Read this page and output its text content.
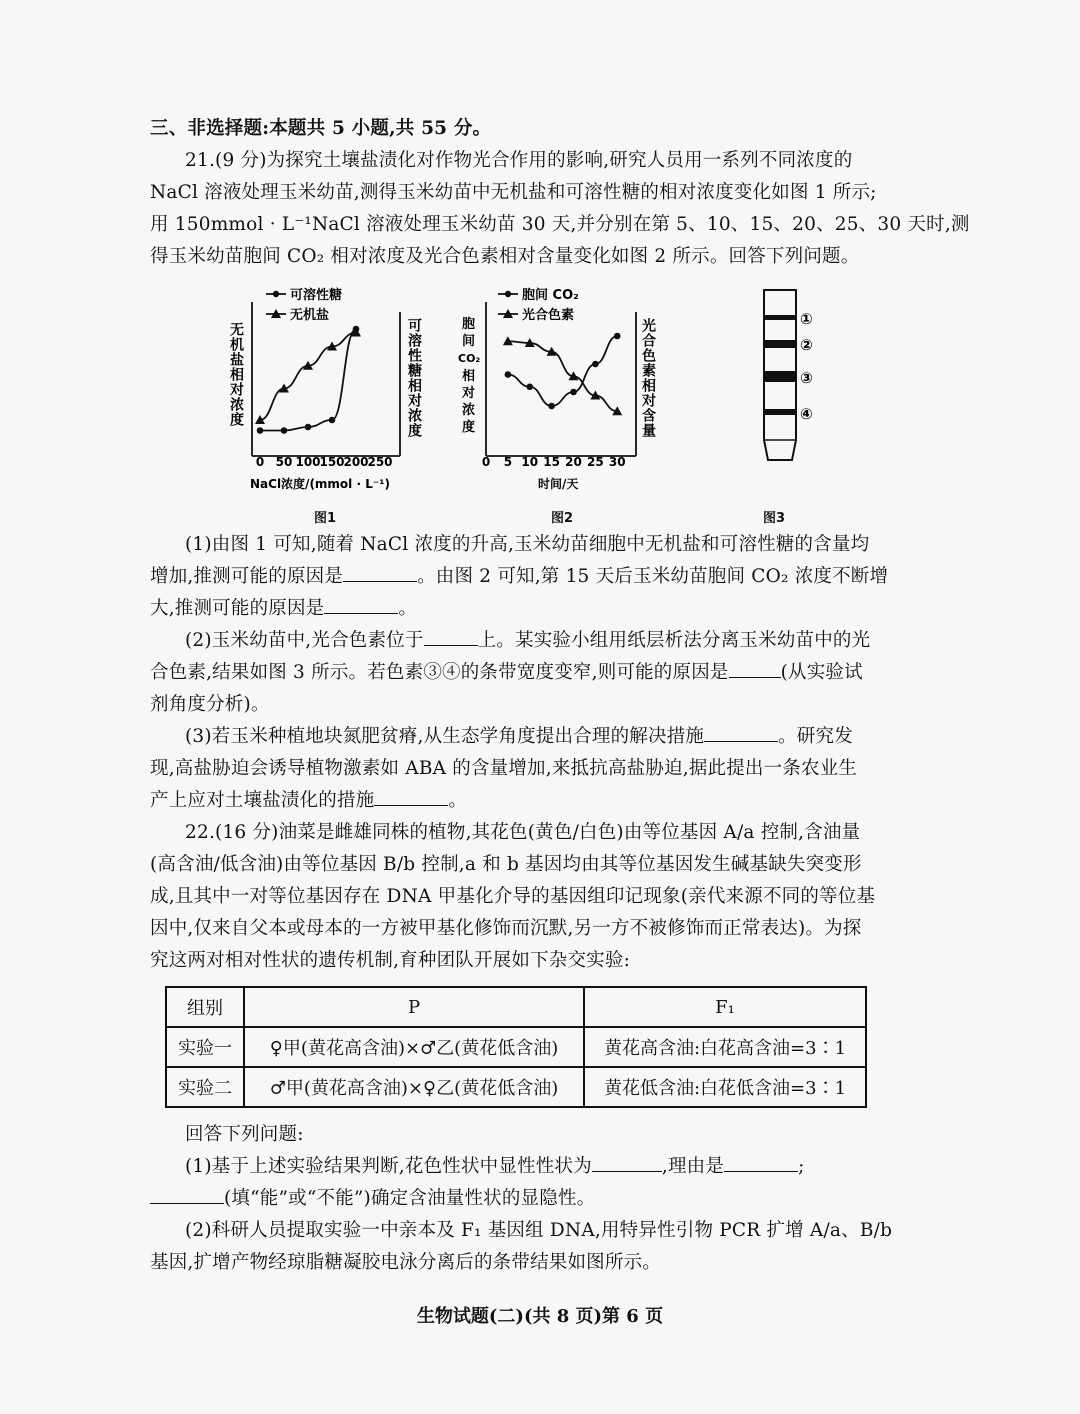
三、非选择题:本题共 5 小题,共 55 分。
21.(9 分)为探究土壤盐渍化对作物光合作用的影响,研究人员用一系列不同浓度的
NaCl 溶液处理玉米幼苗,测得玉米幼苗中无机盐和可溶性糖的相对浓度变化如图 1 所示;
用 150mmol · L⁻¹NaCl 溶液处理玉米幼苗 30 天,并分别在第 5、10、15、20、25、30 天时,测
得玉米幼苗胞间 CO₂ 相对浓度及光合色素相对含量变化如图 2 所示。回答下列问题。
可溶性糖
无机盐
无机盐相对浓度	可溶性糖相对浓度
0 50 100
150
200
250
NaCl浓度/(mmol · L⁻¹)
图1
胞间 CO₂
光合色素
胞
间
CO₂
相
对
浓
度	光合色素相对含量
0 5 10 15 20 25 30
时间/天
图2
①
②
③
④
图3
(1)由图 1 可知,随着 NaCl 浓度的升高,玉米幼苗细胞中无机盐和可溶性糖的含量均
增加,推测可能的原因是	。由图 2 可知,第 15 天后玉米幼苗胞间 CO₂ 浓度不断增
大,推测可能的原因是	。
(2)玉米幼苗中,光合色素位于	上。某实验小组用纸层析法分离玉米幼苗中的光
合色素,结果如图 3 所示。若色素③④的条带宽度变窄,则可能的原因是	(从实验试
剂角度分析)。
(3)若玉米种植地块氮肥贫瘠,从生态学角度提出合理的解决措施	。研究发
现,高盐胁迫会诱导植物激素如 ABA 的含量增加,来抵抗高盐胁迫,据此提出一条农业生
产上应对土壤盐渍化的措施	。
22.(16 分)油菜是雌雄同株的植物,其花色(黄色/白色)由等位基因 A/a 控制,含油量
(高含油/低含油)由等位基因 B/b 控制,a 和 b 基因均由其等位基因发生碱基缺失突变形
成,且其中一对等位基因存在 DNA 甲基化介导的基因组印记现象(亲代来源不同的等位基
因中,仅来自父本或母本的一方被甲基化修饰而沉默,另一方不被修饰而正常表达)。为探
究这两对相对性状的遗传机制,育种团队开展如下杂交实验:
组别	P	F₁
实验一	♀甲(黄花高含油)×♂乙(黄花低含油)	黄花高含油:白花高含油=3∶1
实验二	♂甲(黄花高含油)×♀乙(黄花低含油)	黄花低含油:白花低含油=3∶1
回答下列问题:
(1)基于上述实验结果判断,花色性状中显性性状为	,理由是	;
(填“能”或“不能”)确定含油量性状的显隐性。
(2)科研人员提取实验一中亲本及 F₁ 基因组 DNA,用特异性引物 PCR 扩增 A/a、B/b
基因,扩增产物经琼脂糖凝胶电泳分离后的条带结果如图所示。
生物试题(二)(共 8 页)第 6 页
